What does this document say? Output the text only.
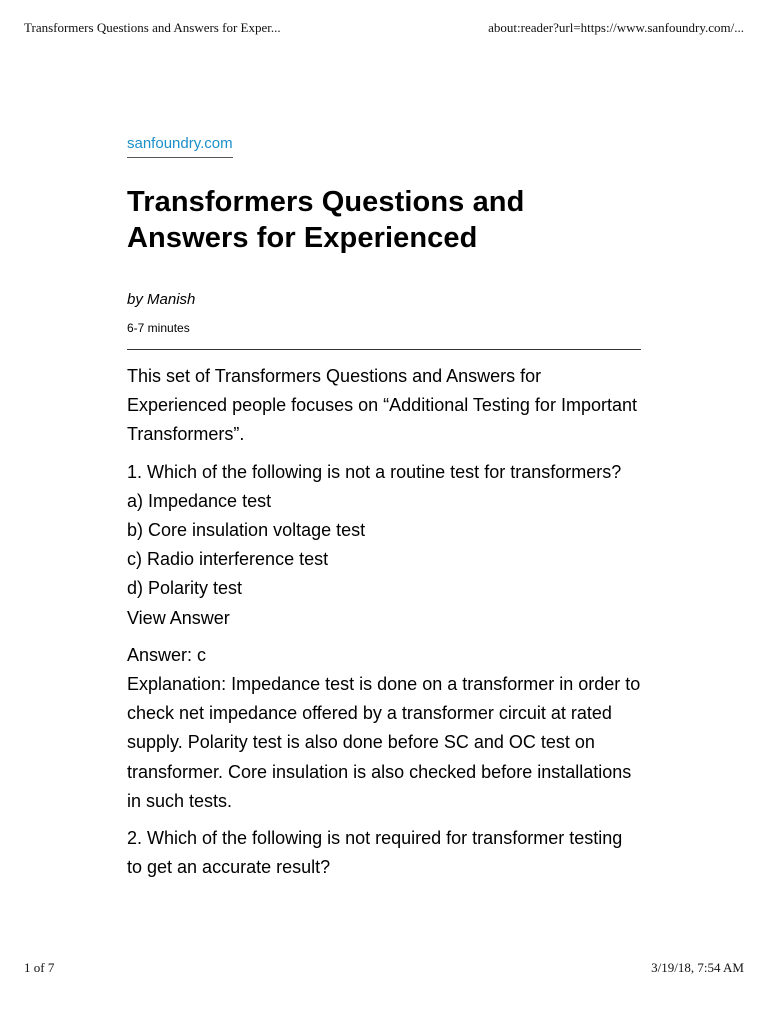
Transformers Questions and Answers for Exper...	about:reader?url=https://www.sanfoundry.com/...
sanfoundry.com
Transformers Questions and Answers for Experienced
by Manish
6-7 minutes

This set of Transformers Questions and Answers for Experienced people focuses on “Additional Testing for Important Transformers”.

1. Which of the following is not a routine test for transformers?
a) Impedance test
b) Core insulation voltage test
c) Radio interference test
d) Polarity test
View Answer
Answer: c
Explanation: Impedance test is done on a transformer in order to check net impedance offered by a transformer circuit at rated supply. Polarity test is also done before SC and OC test on transformer. Core insulation is also checked before installations in such tests.

2. Which of the following is not required for transformer testing to get an accurate result?

1 of 7	3/19/18, 7:54 AM
